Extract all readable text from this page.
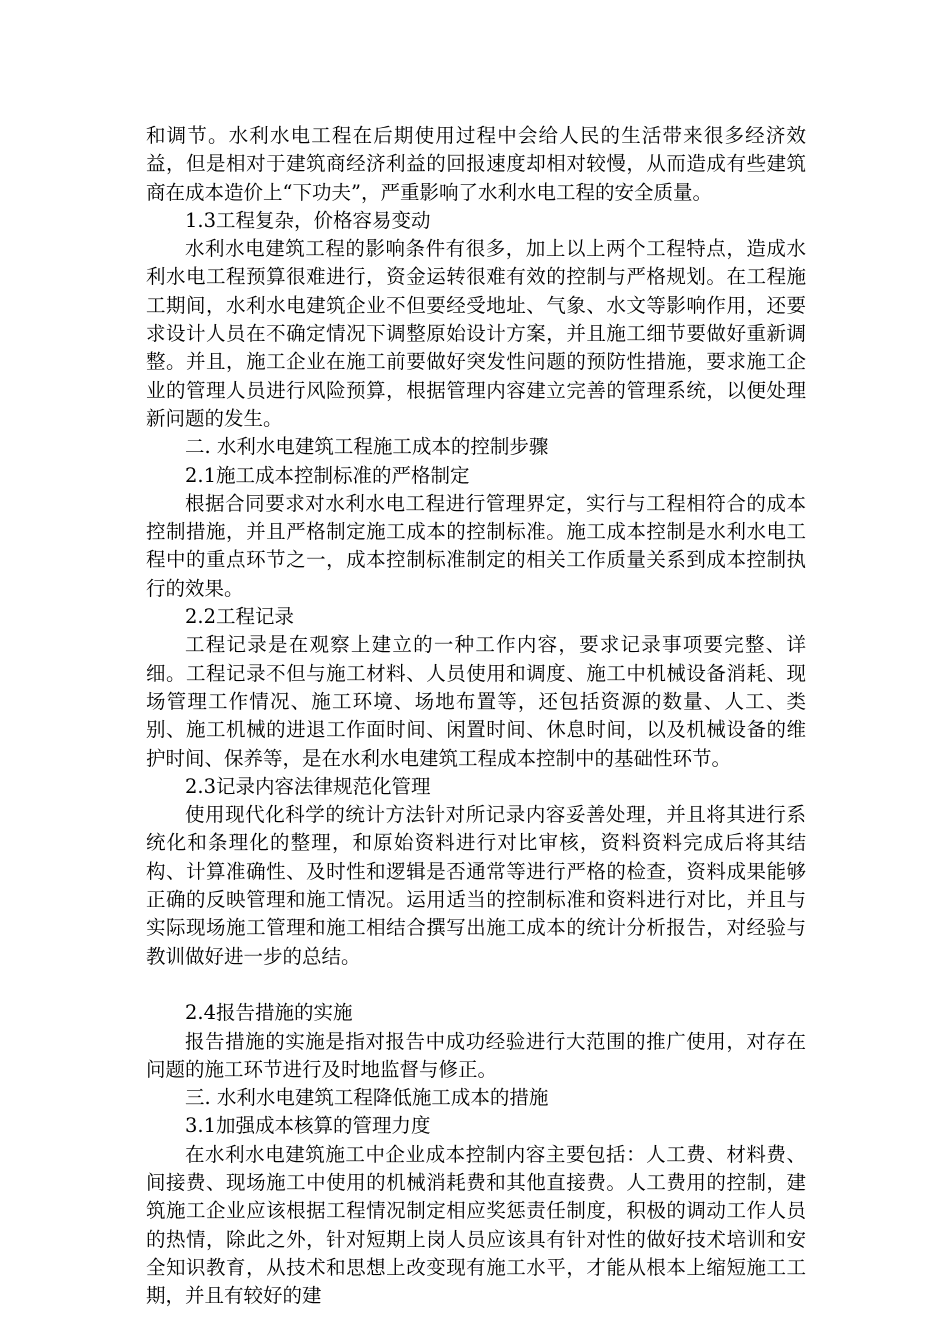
和调节。水利水电工程在后期使用过程中会给人民的生活带来很多经济效益，但是相对于建筑商经济利益的回报速度却相对较慢，从而造成有些建筑商在成本造价上“下功夫”，严重影响了水利水电工程的安全质量。

1.3工程复杂，价格容易变动

水利水电建筑工程的影响条件有很多，加上以上两个工程特点，造成水利水电工程预算很难进行，资金运转很难有效的控制与严格规划。在工程施工期间，水利水电建筑企业不但要经受地址、气象、水文等影响作用，还要求设计人员在不确定情况下调整原始设计方案，并且施工细节要做好重新调整。并且，施工企业在施工前要做好突发性问题的预防性措施，要求施工企业的管理人员进行风险预算，根据管理内容建立完善的管理系统，以便处理新问题的发生。

二. 水利水电建筑工程施工成本的控制步骤

2.1施工成本控制标准的严格制定

根据合同要求对水利水电工程进行管理界定，实行与工程相符合的成本控制措施，并且严格制定施工成本的控制标准。施工成本控制是水利水电工程中的重点环节之一，成本控制标准制定的相关工作质量关系到成本控制执行的效果。

2.2工程记录

工程记录是在观察上建立的一种工作内容，要求记录事项要完整、详细。工程记录不但与施工材料、人员使用和调度、施工中机械设备消耗、现场管理工作情况、施工环境、场地布置等，还包括资源的数量、人工、类别、施工机械的进退工作面时间、闲置时间、休息时间，以及机械设备的维护时间、保养等，是在水利水电建筑工程成本控制中的基础性环节。

2.3记录内容法律规范化管理

使用现代化科学的统计方法针对所记录内容妥善处理，并且将其进行系统化和条理化的整理，和原始资料进行对比审核，资料资料完成后将其结构、计算准确性、及时性和逻辑是否通常等进行严格的检查，资料成果能够正确的反映管理和施工情况。运用适当的控制标准和资料进行对比，并且与实际现场施工管理和施工相结合撰写出施工成本的统计分析报告，对经验与教训做好进一步的总结。

2.4报告措施的实施

报告措施的实施是指对报告中成功经验进行大范围的推广使用，对存在问题的施工环节进行及时地监督与修正。

三. 水利水电建筑工程降低施工成本的措施

3.1加强成本核算的管理力度

在水利水电建筑施工中企业成本控制内容主要包括：人工费、材料费、间接费、现场施工中使用的机械消耗费和其他直接费。人工费用的控制，建筑施工企业应该根据工程情况制定相应奖惩责任制度，积极的调动工作人员的热情，除此之外，针对短期上岗人员应该具有针对性的做好技术培训和安全知识教育，从技术和思想上改变现有施工水平，才能从根本上缩短施工工期，并且有较好的建
